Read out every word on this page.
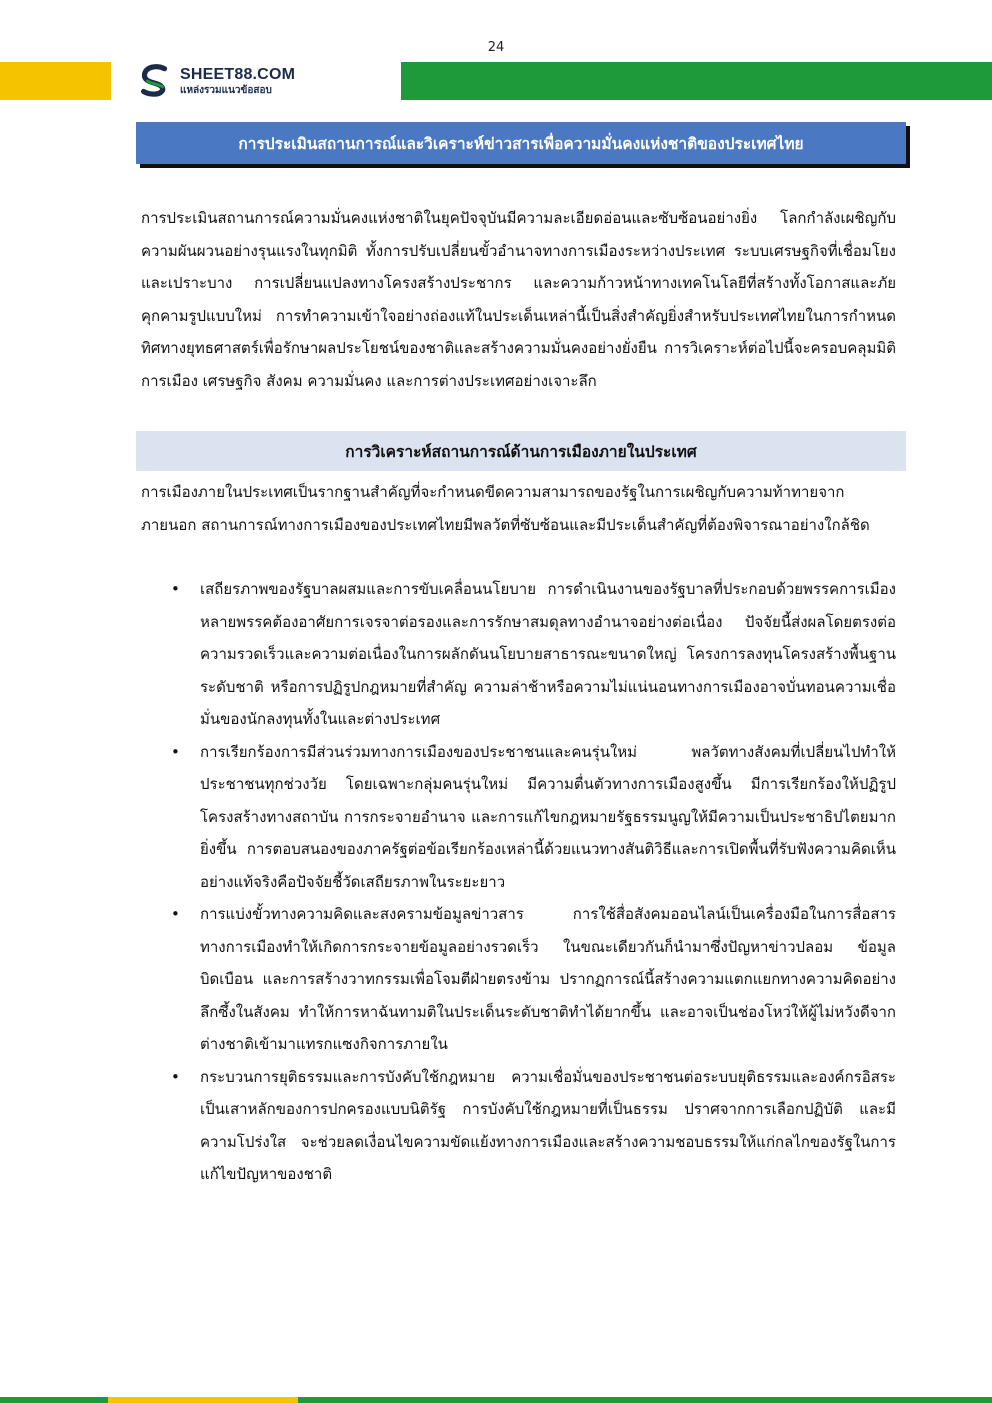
24
SHEET88.COM
แหล่งรวมแนวข้อสอบ
การประเมินสถานการณ์และวิเคราะห์ข่าวสารเพื่อความมั่นคงแห่งชาติของประเทศไทย

การประเมินสถานการณ์ความมั่นคงแห่งชาติในยุคปัจจุบันมีความละเอียดอ่อนและซับซ้อนอย่างยิ่ง โลกกำลังเผชิญกับความผันผวนอย่างรุนแรงในทุกมิติ ทั้งการปรับเปลี่ยนขั้วอำนาจทางการเมืองระหว่างประเทศ ระบบเศรษฐกิจที่เชื่อมโยงและเปราะบาง การเปลี่ยนแปลงทางโครงสร้างประชากร และความก้าวหน้าทางเทคโนโลยีที่สร้างทั้งโอกาสและภัยคุกคามรูปแบบใหม่ การทำความเข้าใจอย่างถ่องแท้ในประเด็นเหล่านี้เป็นสิ่งสำคัญยิ่งสำหรับประเทศไทยในการกำหนดทิศทางยุทธศาสตร์เพื่อรักษาผลประโยชน์ของชาติและสร้างความมั่นคงอย่างยั่งยืน การวิเคราะห์ต่อไปนี้จะครอบคลุมมิติการเมือง เศรษฐกิจ สังคม ความมั่นคง และการต่างประเทศอย่างเจาะลึก

การวิเคราะห์สถานการณ์ด้านการเมืองภายในประเทศ

การเมืองภายในประเทศเป็นรากฐานสำคัญที่จะกำหนดขีดความสามารถของรัฐในการเผชิญกับความท้าทายจากภายนอก สถานการณ์ทางการเมืองของประเทศไทยมีพลวัตที่ซับซ้อนและมีประเด็นสำคัญที่ต้องพิจารณาอย่างใกล้ชิด

• เสถียรภาพของรัฐบาลผสมและการขับเคลื่อนนโยบาย การดำเนินงานของรัฐบาลที่ประกอบด้วยพรรคการเมืองหลายพรรคต้องอาศัยการเจรจาต่อรองและการรักษาสมดุลทางอำนาจอย่างต่อเนื่อง ปัจจัยนี้ส่งผลโดยตรงต่อความรวดเร็วและความต่อเนื่องในการผลักดันนโยบายสาธารณะขนาดใหญ่ โครงการลงทุนโครงสร้างพื้นฐานระดับชาติ หรือการปฏิรูปกฎหมายที่สำคัญ ความล่าช้าหรือความไม่แน่นอนทางการเมืองอาจบั่นทอนความเชื่อมั่นของนักลงทุนทั้งในและต่างประเทศ
• การเรียกร้องการมีส่วนร่วมทางการเมืองของประชาชนและคนรุ่นใหม่ พลวัตทางสังคมที่เปลี่ยนไปทำให้ประชาชนทุกช่วงวัย โดยเฉพาะกลุ่มคนรุ่นใหม่ มีความตื่นตัวทางการเมืองสูงขึ้น มีการเรียกร้องให้ปฏิรูปโครงสร้างทางสถาบัน การกระจายอำนาจ และการแก้ไขกฎหมายรัฐธรรมนูญให้มีความเป็นประชาธิปไตยมากยิ่งขึ้น การตอบสนองของภาครัฐต่อข้อเรียกร้องเหล่านี้ด้วยแนวทางสันติวิธีและการเปิดพื้นที่รับฟังความคิดเห็นอย่างแท้จริงคือปัจจัยชี้วัดเสถียรภาพในระยะยาว
• การแบ่งขั้วทางความคิดและสงครามข้อมูลข่าวสาร การใช้สื่อสังคมออนไลน์เป็นเครื่องมือในการสื่อสารทางการเมืองทำให้เกิดการกระจายข้อมูลอย่างรวดเร็ว ในขณะเดียวกันก็นำมาซึ่งปัญหาข่าวปลอม ข้อมูลบิดเบือน และการสร้างวาทกรรมเพื่อโจมตีฝ่ายตรงข้าม ปรากฏการณ์นี้สร้างความแตกแยกทางความคิดอย่างลึกซึ้งในสังคม ทำให้การหาฉันทามติในประเด็นระดับชาติทำได้ยากขึ้น และอาจเป็นช่องโหว่ให้ผู้ไม่หวังดีจากต่างชาติเข้ามาแทรกแซงกิจการภายใน
• กระบวนการยุติธรรมและการบังคับใช้กฎหมาย ความเชื่อมั่นของประชาชนต่อระบบยุติธรรมและองค์กรอิสระเป็นเสาหลักของการปกครองแบบนิติรัฐ การบังคับใช้กฎหมายที่เป็นธรรม ปราศจากการเลือกปฏิบัติ และมีความโปร่งใส จะช่วยลดเงื่อนไขความขัดแย้งทางการเมืองและสร้างความชอบธรรมให้แก่กลไกของรัฐในการแก้ไขปัญหาของชาติ
